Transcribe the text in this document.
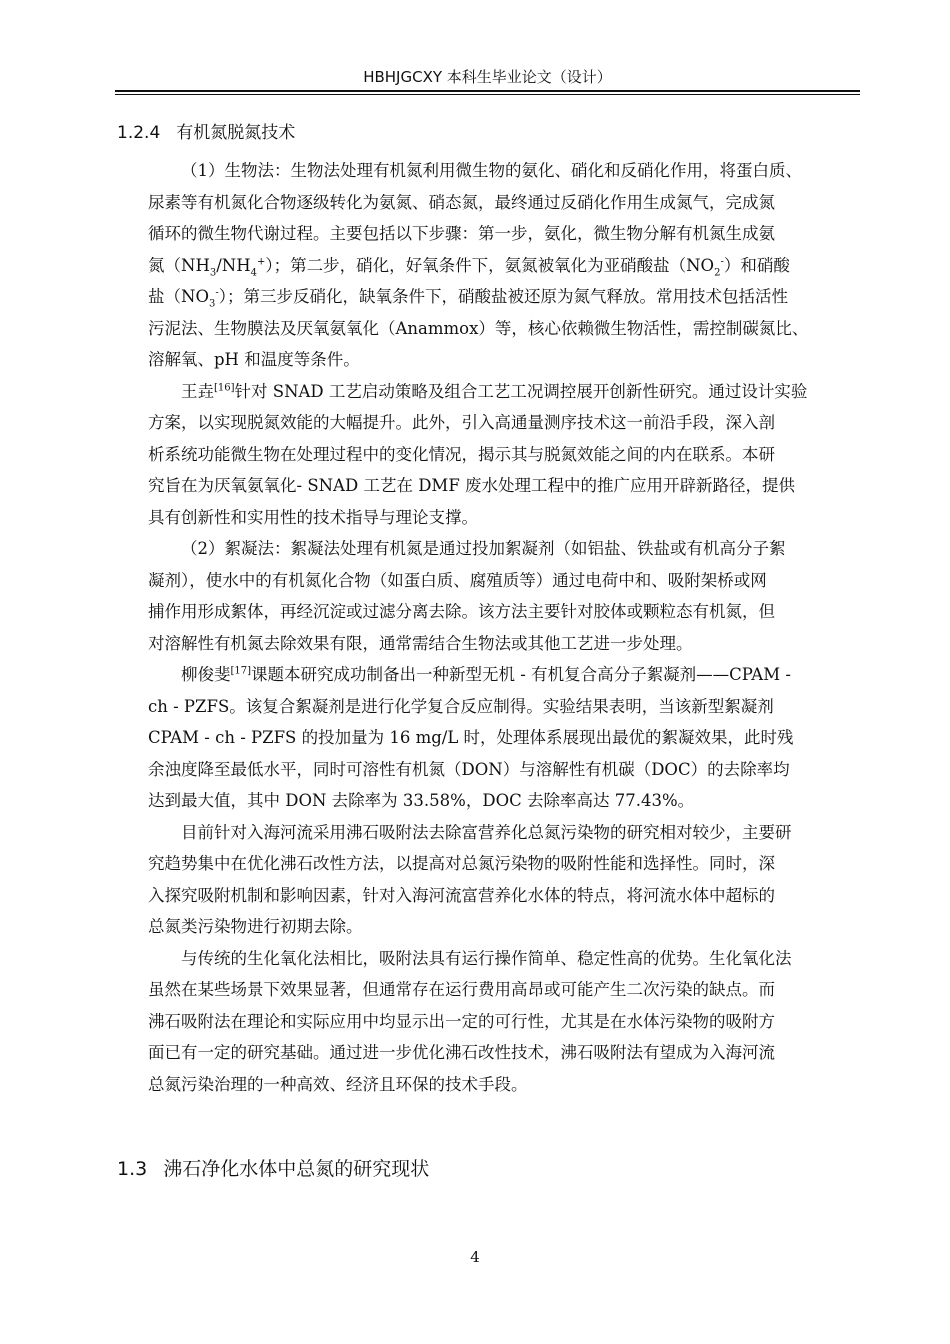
HBHJGCXY 本科生毕业论文（设计）
1.2.4 有机氮脱氮技术

（1）生物法：生物法处理有机氮利用微生物的氨化、硝化和反硝化作用，将蛋白质、
尿素等有机氮化合物逐级转化为氨氮、硝态氮，最终通过反硝化作用生成氮气，完成氮
循环的微生物代谢过程。主要包括以下步骤：第一步，氨化，微生物分解有机氮生成氨
氮$(NH_3/NH_4^+)$；第二步，硝化，好氧条件下，氨氮被氧化为亚硝酸盐$(NO_2^-)$和硝酸
盐$(NO_3^-)$；第三步反硝化，缺氧条件下，硝酸盐被还原为氮气释放。常用技术包括活性
污泥法、生物膜法及厌氧氨氧化（Anammox）等，核心依赖微生物活性，需控制碳氮比、
溶解氧、pH 和温度等条件。

王垚[16]针对 SNAD 工艺启动策略及组合工艺工况调控展开创新性研究。通过设计实验
方案，以实现脱氮效能的大幅提升。此外，引入高通量测序技术这一前沿手段，深入剖
析系统功能微生物在处理过程中的变化情况，揭示其与脱氮效能之间的内在联系。本研
究旨在为厌氧氨氧化- SNAD 工艺在 DMF 废水处理工程中的推广应用开辟新路径，提供
具有创新性和实用性的技术指导与理论支撑。

（2）絮凝法：絮凝法处理有机氮是通过投加絮凝剂（如铝盐、铁盐或有机高分子絮
凝剂），使水中的有机氮化合物（如蛋白质、腐殖质等）通过电荷中和、吸附架桥或网
捕作用形成絮体，再经沉淀或过滤分离去除。该方法主要针对胶体或颗粒态有机氮，但
对溶解性有机氮去除效果有限，通常需结合生物法或其他工艺进一步处理。

柳俊斐[17]课题本研究成功制备出一种新型无机 - 有机复合高分子絮凝剂——CPAM -
ch - PZFS。该复合絮凝剂是进行化学复合反应制得。实验结果表明，当该新型絮凝剂
CPAM - ch - PZFS 的投加量为 16 mg/L 时，处理体系展现出最优的絮凝效果，此时残
余浊度降至最低水平，同时可溶性有机氮（DON）与溶解性有机碳（DOC）的去除率均
达到最大值，其中 DON 去除率为 33.58%，DOC 去除率高达 77.43%。

目前针对入海河流采用沸石吸附法去除富营养化总氮污染物的研究相对较少，主要研
究趋势集中在优化沸石改性方法，以提高对总氮污染物的吸附性能和选择性。同时，深
入探究吸附机制和影响因素，针对入海河流富营养化水体的特点，将河流水体中超标的
总氮类污染物进行初期去除。

与传统的生化氧化法相比，吸附法具有运行操作简单、稳定性高的优势。生化氧化法
虽然在某些场景下效果显著，但通常存在运行费用高昂或可能产生二次污染的缺点。而
沸石吸附法在理论和实际应用中均显示出一定的可行性，尤其是在水体污染物的吸附方
面已有一定的研究基础。通过进一步优化沸石改性技术，沸石吸附法有望成为入海河流
总氮污染治理的一种高效、经济且环保的技术手段。

1.3 沸石净化水体中总氮的研究现状
4
